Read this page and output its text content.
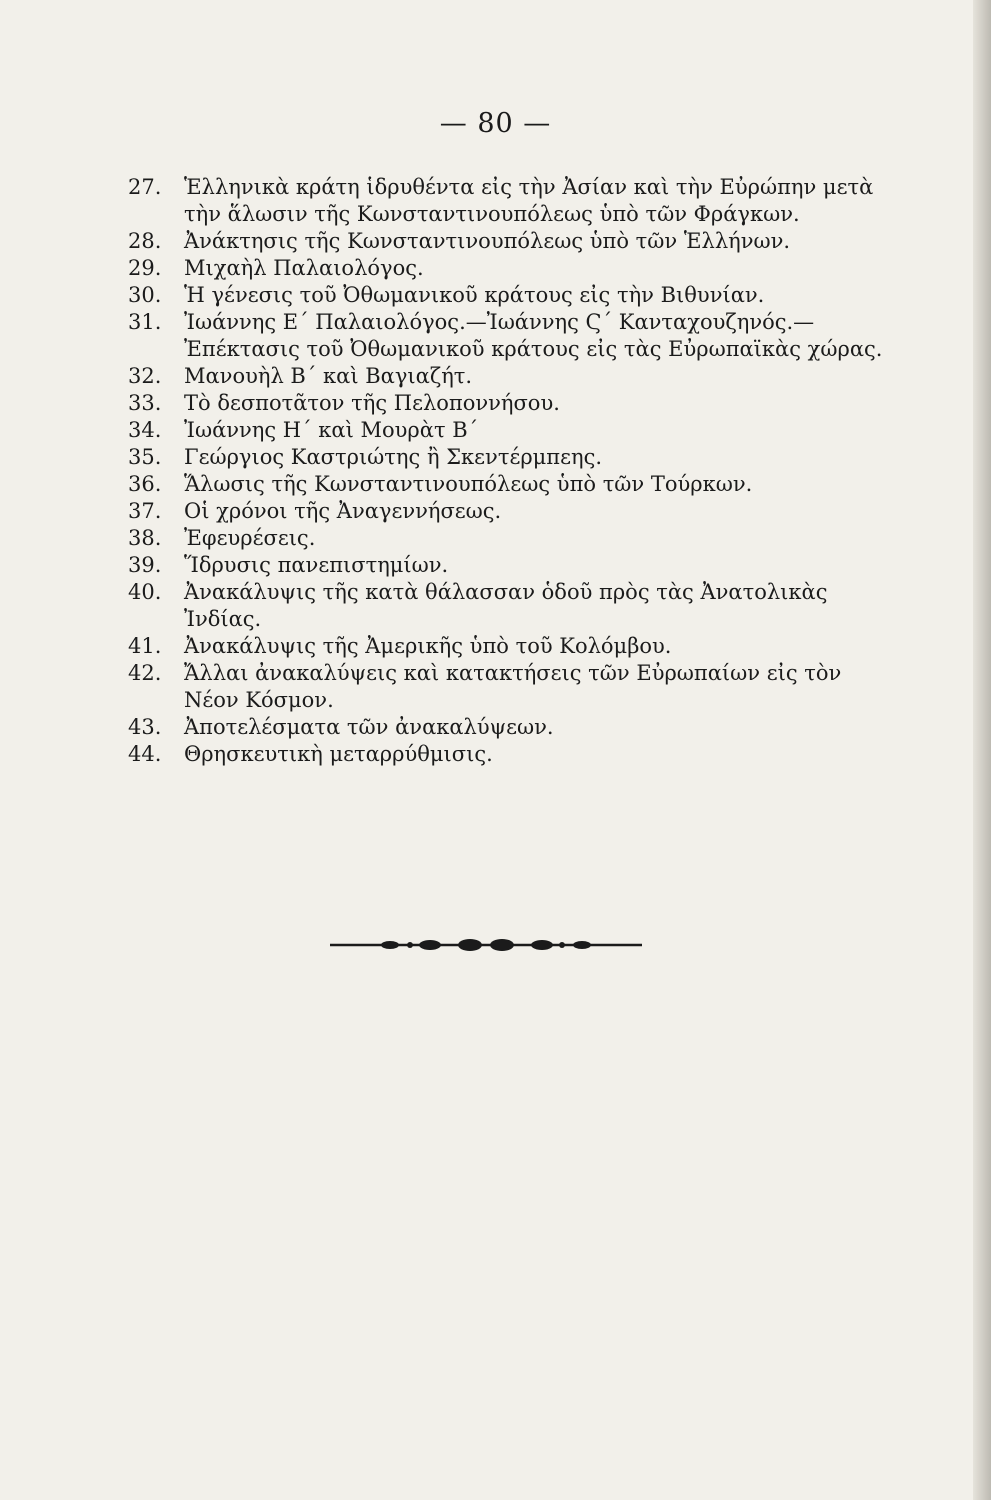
— 80 —
27.	Ἑλληνικὰ κράτη ἱδρυθέντα εἰς τὴν Ἀσίαν καὶ τὴν Εὐρώπην μετὰ τὴν ἅλωσιν τῆς Κωνσταντινουπόλεως ὑπὸ τῶν Φράγκων.
28.	Ἀνάκτησις τῆς Κωνσταντινουπόλεως ὑπὸ τῶν Ἑλλήνων.
29.	Μιχαὴλ Παλαιολόγος.
30.	Ἡ γένεσις τοῦ Ὀθωμανικοῦ κράτους εἰς τὴν Βιθυνίαν.
31.	Ἰωάννης Ε΄ Παλαιολόγος.—Ἰωάννης Ϛ΄ Κανταχουζηνός.—Ἐπέκτασις τοῦ Ὀθωμανικοῦ κράτους εἰς τὰς Εὐρωπαϊκὰς χώρας.
32.	Μανουὴλ Β΄ καὶ Βαγιαζήτ.
33.	Τὸ δεσποτᾶτον τῆς Πελοποννήσου.
34.	Ἰωάννης Η΄ καὶ Μουρὰτ Β΄
35.	Γεώργιος Καστριώτης ἢ Σκεντέρμπεης.
36.	Ἅλωσις τῆς Κωνσταντινουπόλεως ὑπὸ τῶν Τούρκων.
37.	Οἱ χρόνοι τῆς Ἀναγεννήσεως.
38.	Ἐφευρέσεις.
39.	Ἵδρυσις πανεπιστημίων.
40.	Ἀνακάλυψις τῆς κατὰ θάλασσαν ὁδοῦ πρὸς τὰς Ἀνατολικὰς Ἰνδίας.
41.	Ἀνακάλυψις τῆς Ἀμερικῆς ὑπὸ τοῦ Κολόμβου.
42.	Ἄλλαι ἀνακαλύψεις καὶ κατακτήσεις τῶν Εὐρωπαίων εἰς τὸν Νέον Κόσμον.
43.	Ἀποτελέσματα τῶν ἀνακαλύψεων.
44.	Θρησκευτικὴ μεταρρύθμισις.
